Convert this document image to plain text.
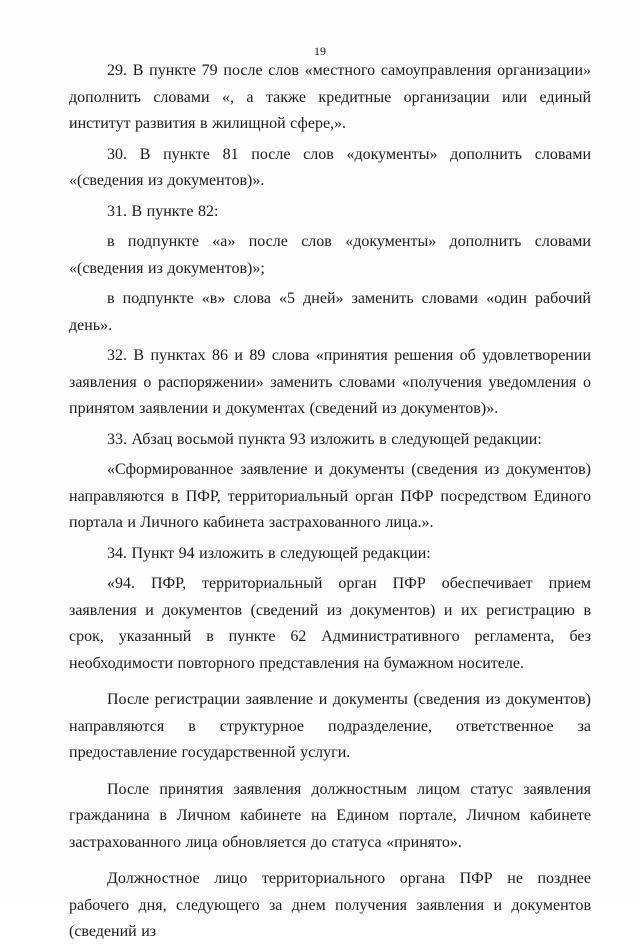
19

29. В пункте 79 после слов «местного самоуправления организации» дополнить словами «, а также кредитные организации или единый институт развития в жилищной сфере,».

30. В пункте 81 после слов «документы» дополнить словами «(сведения из документов)».

31. В пункте 82:

в подпункте «а» после слов «документы» дополнить словами «(сведения из документов)»;

в подпункте «в» слова «5 дней» заменить словами «один рабочий день».

32. В пунктах 86 и 89 слова «принятия решения об удовлетворении заявления о распоряжении» заменить словами «получения уведомления о принятом заявлении и документах (сведений из документов)».

33. Абзац восьмой пункта 93 изложить в следующей редакции:

«Сформированное заявление и документы (сведения из документов) направляются в ПФР, территориальный орган ПФР посредством Единого портала и Личного кабинета застрахованного лица.».

34. Пункт 94 изложить в следующей редакции:

«94. ПФР, территориальный орган ПФР обеспечивает прием заявления и документов (сведений из документов) и их регистрацию в срок, указанный в пункте 62 Административного регламента, без необходимости повторного представления на бумажном носителе.

После регистрации заявление и документы (сведения из документов) направляются в структурное подразделение, ответственное за предоставление государственной услуги.

После принятия заявления должностным лицом статус заявления гражданина в Личном кабинете на Едином портале, Личном кабинете застрахованного лица обновляется до статуса «принято».

Должностное лицо территориального органа ПФР не позднее рабочего дня, следующего за днем получения заявления и документов (сведений из
